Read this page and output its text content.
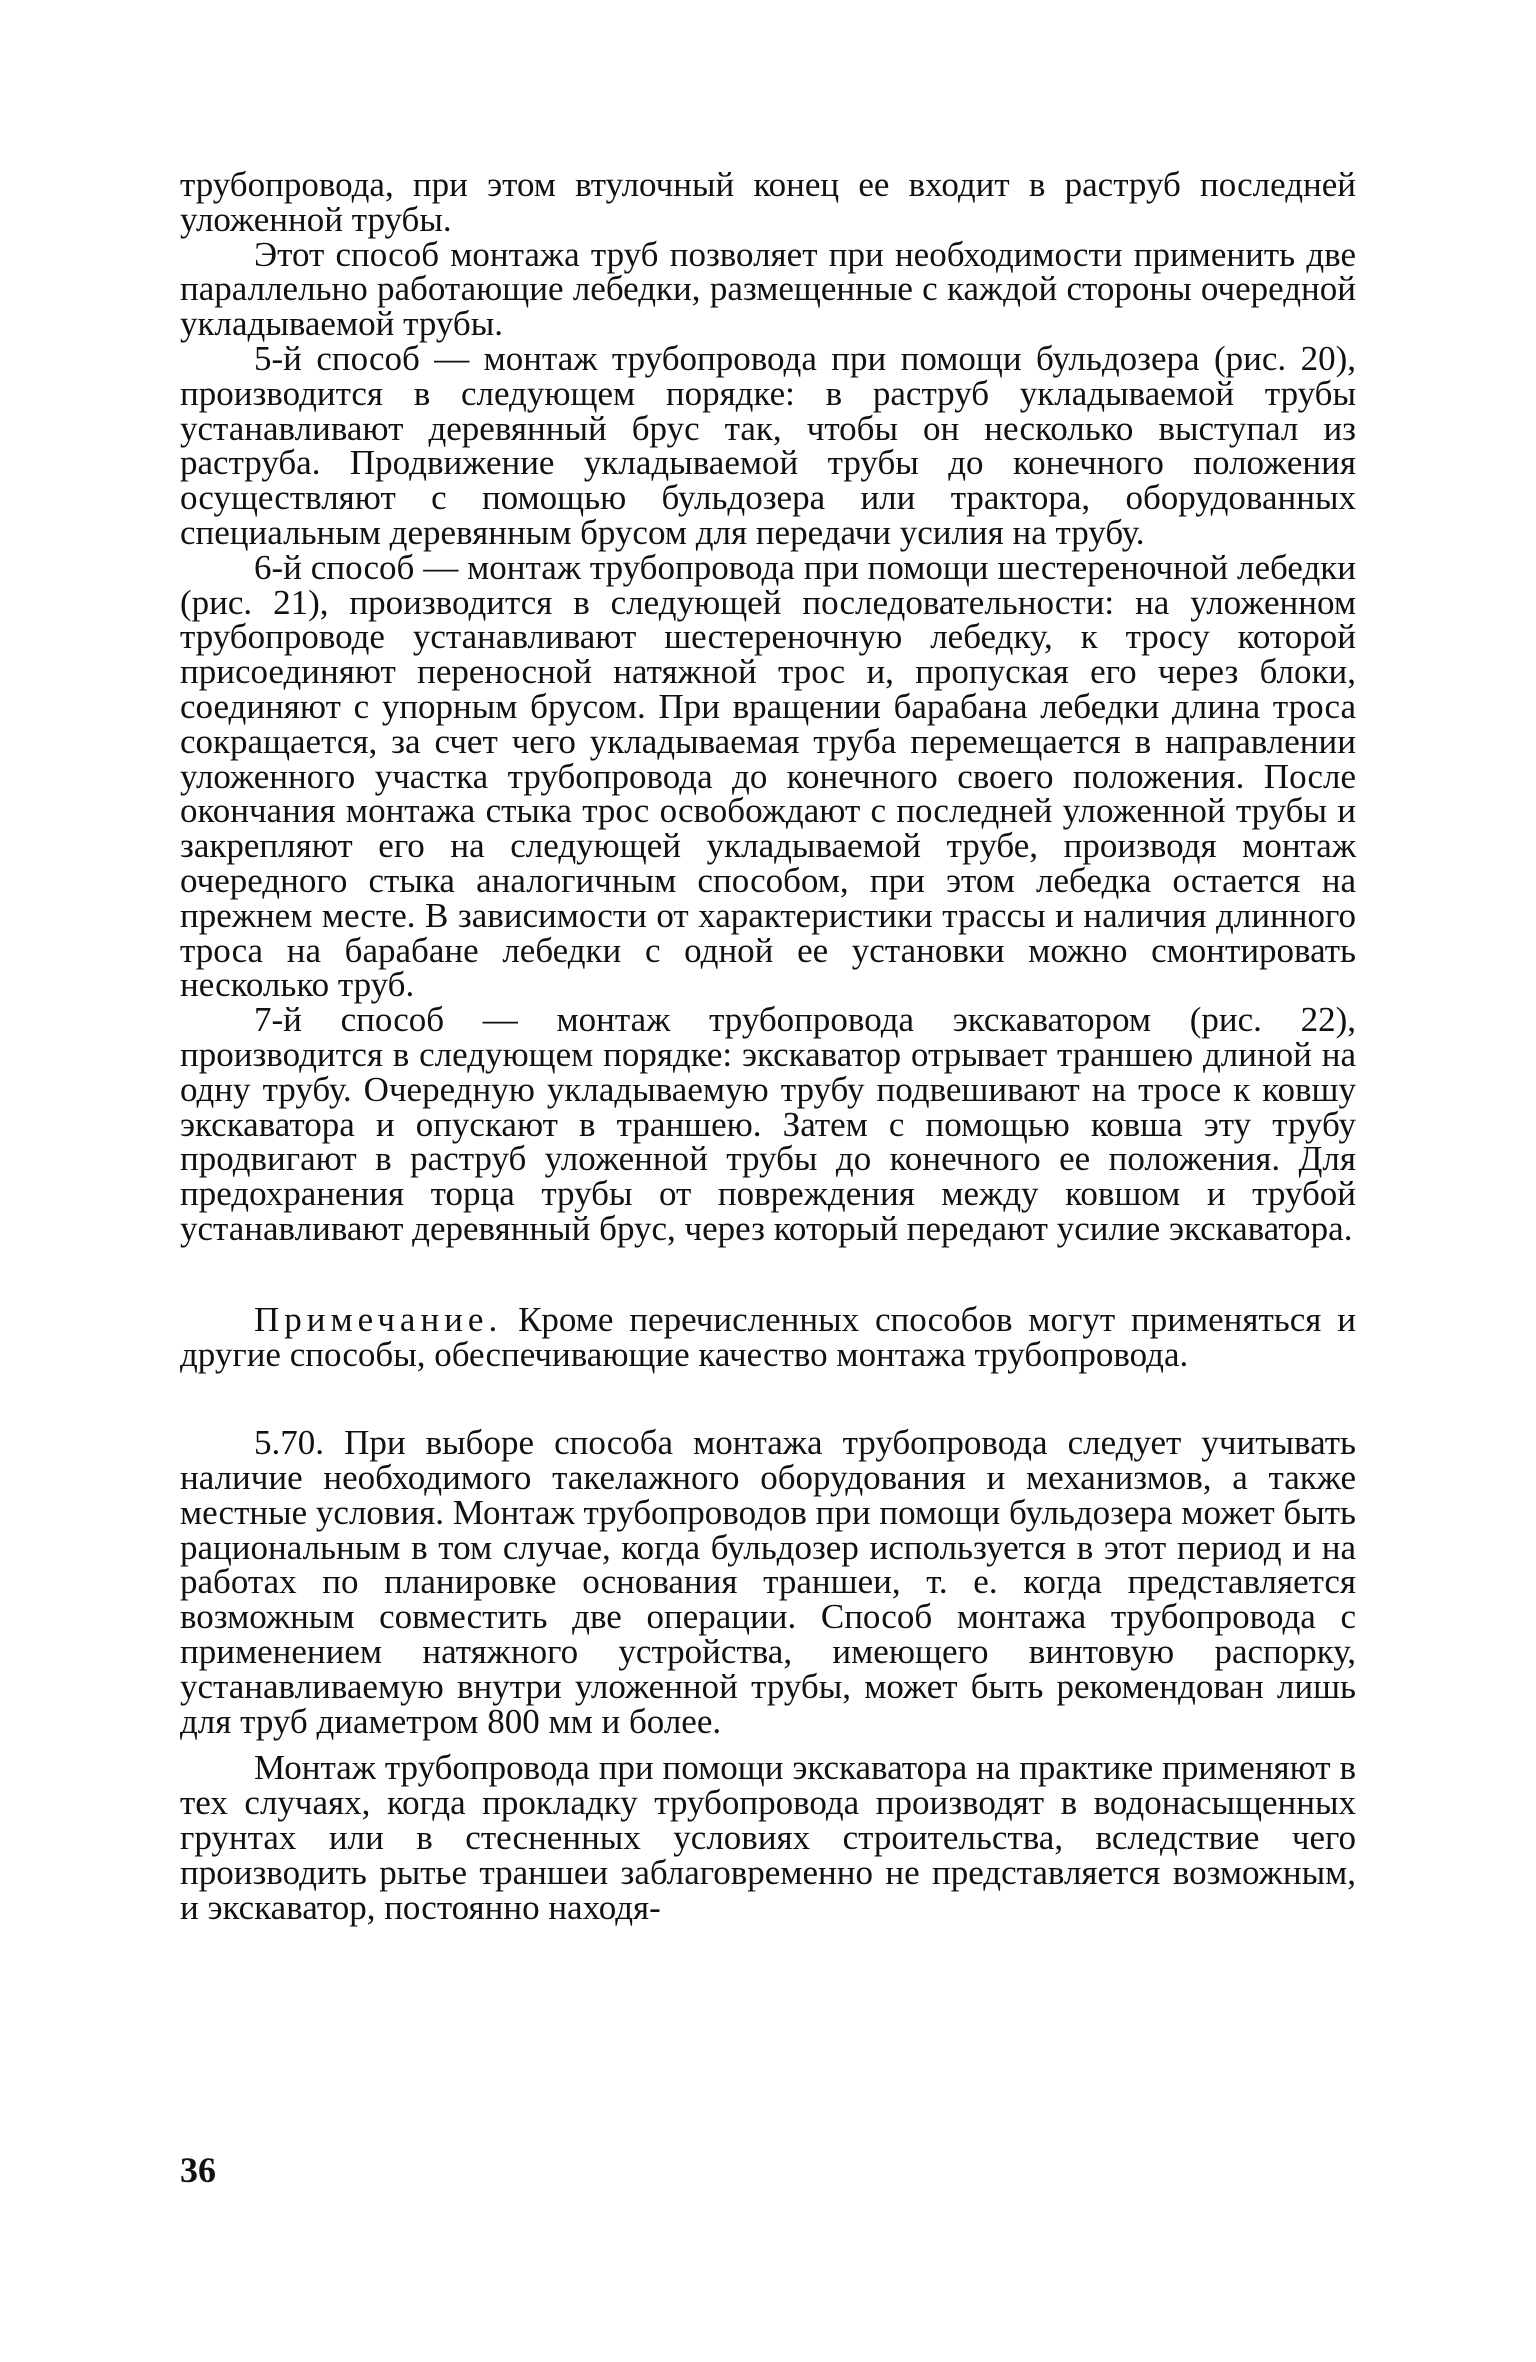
трубопровода, при этом втулочный конец ее входит в раструб последней уложенной трубы.

Этот способ монтажа труб позволяет при необходимости применить две параллельно работающие лебедки, размещенные с каждой стороны очередной укладываемой трубы.

5-й способ — монтаж трубопровода при помощи бульдозера (рис. 20), производится в следующем порядке: в раструб укладываемой трубы устанавливают деревянный брус так, чтобы он несколько выступал из раструба. Продвижение укладываемой трубы до конечного положения осуществляют с помощью бульдозера или трактора, оборудованных специальным деревянным брусом для передачи усилия на трубу.

6-й способ — монтаж трубопровода при помощи шестереночной лебедки (рис. 21), производится в следующей последовательности: на уложенном трубопроводе устанавливают шестереночную лебедку, к тросу которой присоединяют переносной натяжной трос и, пропуская его через блоки, соединяют с упорным брусом. При вращении барабана лебедки длина троса сокращается, за счет чего укладываемая труба перемещается в направлении уложенного участка трубопровода до конечного своего положения. После окончания монтажа стыка трос освобождают с последней уложенной трубы и закрепляют его на следующей укладываемой трубе, производя монтаж очередного стыка аналогичным способом, при этом лебедка остается на прежнем месте. В зависимости от характеристики трассы и наличия длинного троса на барабане лебедки с одной ее установки можно смонтировать несколько труб.

7-й способ — монтаж трубопровода экскаватором (рис. 22), производится в следующем порядке: экскаватор отрывает траншею длиной на одну трубу. Очередную укладываемую трубу подвешивают на тросе к ковшу экскаватора и опускают в траншею. Затем с помощью ковша эту трубу продвигают в раструб уложенной трубы до конечного ее положения. Для предохранения торца трубы от повреждения между ковшом и трубой устанавливают деревянный брус, через который передают усилие экскаватора.

Примечание. Кроме перечисленных способов могут применяться и другие способы, обеспечивающие качество монтажа трубопровода.

5.70. При выборе способа монтажа трубопровода следует учитывать наличие необходимого такелажного оборудования и механизмов, а также местные условия. Монтаж трубопроводов при помощи бульдозера может быть рациональным в том случае, когда бульдозер используется в этот период и на работах по планировке основания траншеи, т. е. когда представляется возможным совместить две операции. Способ монтажа трубопровода с применением натяжного устройства, имеющего винтовую распорку, устанавливаемую внутри уложенной трубы, может быть рекомендован лишь для труб диаметром 800 мм и более.

Монтаж трубопровода при помощи экскаватора на практике применяют в тех случаях, когда прокладку трубопровода производят в водонасыщенных грунтах или в стесненных условиях строительства, вследствие чего производить рытье траншеи заблаговременно не представляется возможным, и экскаватор, постоянно находя-

36
